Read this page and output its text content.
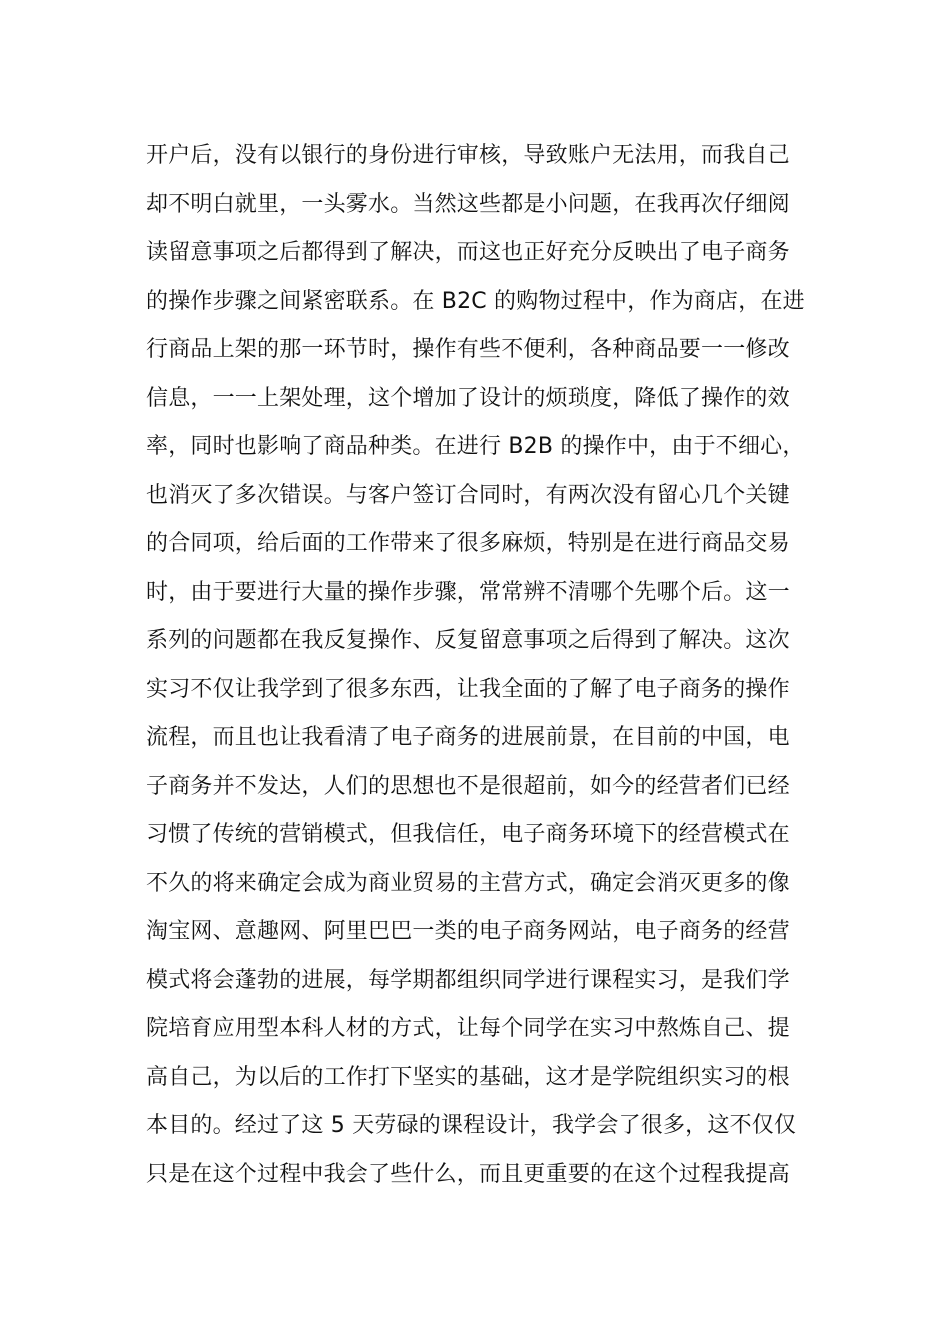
开户后，没有以银行的身份进行审核，导致账户无法用，而我自己
却不明白就里，一头雾水。当然这些都是小问题，在我再次仔细阅
读留意事项之后都得到了解决，而这也正好充分反映出了电子商务
的操作步骤之间紧密联系。在 B2C 的购物过程中，作为商店，在进
行商品上架的那一环节时，操作有些不便利，各种商品要一一修改
信息，一一上架处理，这个增加了设计的烦琐度，降低了操作的效
率，同时也影响了商品种类。在进行 B2B 的操作中，由于不细心，
也消灭了多次错误。与客户签订合同时，有两次没有留心几个关键
的合同项，给后面的工作带来了很多麻烦，特别是在进行商品交易
时，由于要进行大量的操作步骤，常常辨不清哪个先哪个后。这一
系列的问题都在我反复操作、反复留意事项之后得到了解决。这次
实习不仅让我学到了很多东西，让我全面的了解了电子商务的操作
流程，而且也让我看清了电子商务的进展前景，在目前的中国，电
子商务并不发达，人们的思想也不是很超前，如今的经营者们已经
习惯了传统的营销模式，但我信任，电子商务环境下的经营模式在
不久的将来确定会成为商业贸易的主营方式，确定会消灭更多的像
淘宝网、意趣网、阿里巴巴一类的电子商务网站，电子商务的经营
模式将会蓬勃的进展，每学期都组织同学进行课程实习，是我们学
院培育应用型本科人材的方式，让每个同学在实习中熬炼自己、提
高自己，为以后的工作打下坚实的基础，这才是学院组织实习的根
本目的。经过了这 5 天劳碌的课程设计，我学会了很多，这不仅仅
只是在这个过程中我会了些什么，而且更重要的在这个过程我提高
